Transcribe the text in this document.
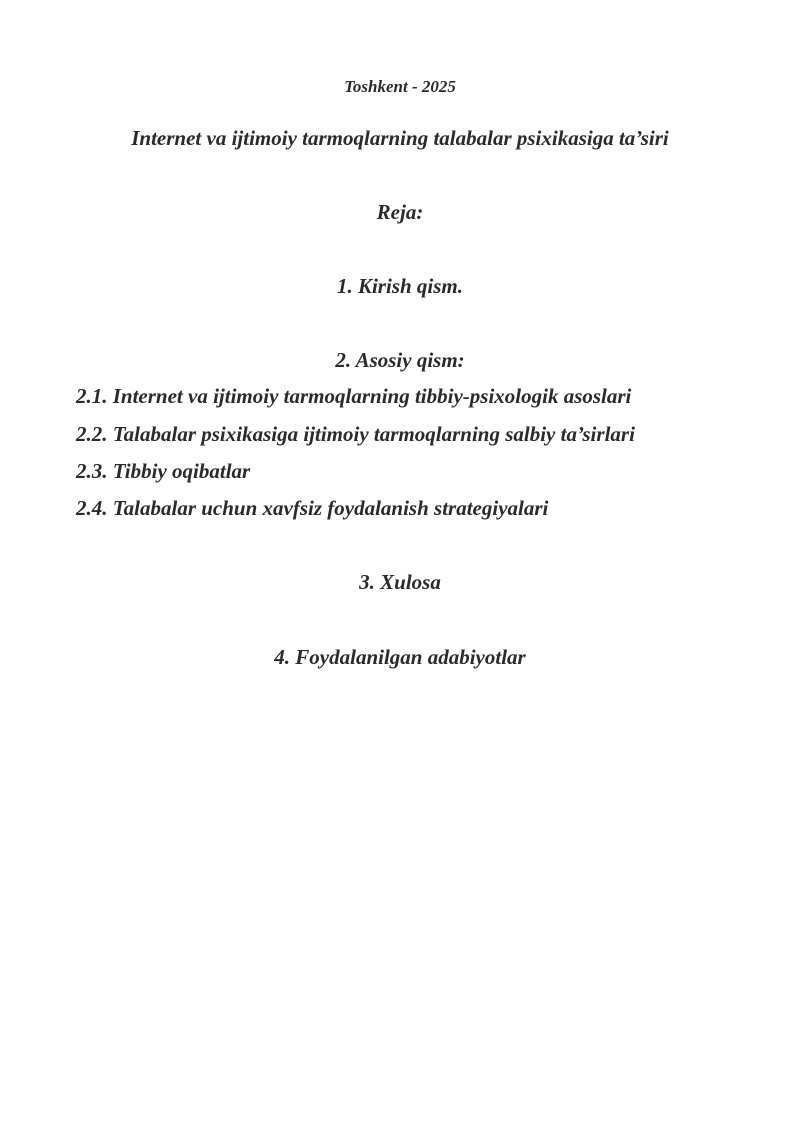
Toshkent - 2025
Internet va ijtimoiy tarmoqlarning talabalar psixikasiga ta’siri
Reja:
1. Kirish qism.
2. Asosiy qism:
2.1. Internet va ijtimoiy tarmoqlarning tibbiy-psixologik asoslari
2.2. Talabalar psixikasiga ijtimoiy tarmoqlarning salbiy ta’sirlari
2.3. Tibbiy oqibatlar
2.4. Talabalar uchun xavfsiz foydalanish strategiyalari
3. Xulosa
4. Foydalanilgan adabiyotlar
